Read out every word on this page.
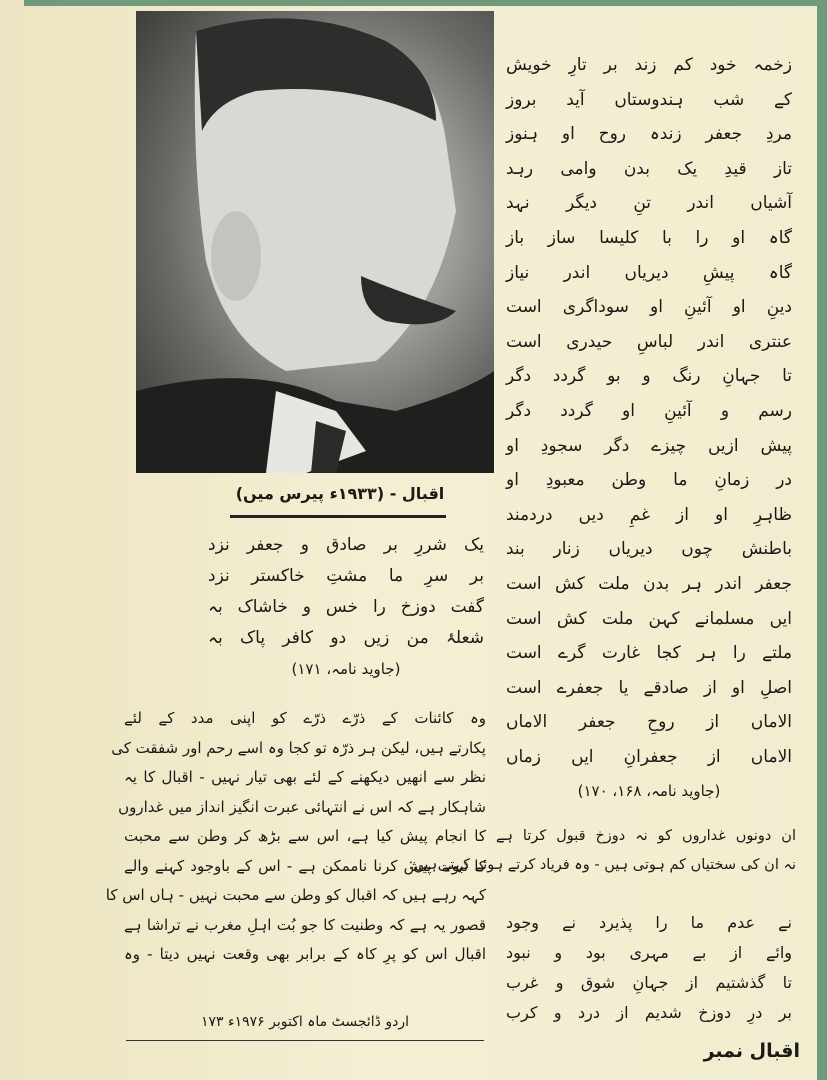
اقبال - (۱۹۳۳ء پیرس میں)
زخمہ خود کم زند بر تارِ خویش
کے شب ہندوستاں آید بروز
مردِ جعفر زندہ روح او ہنوز
تاز قیدِ یک بدن وامی رہد
آشیاں اندر تنِ دیگر نہد
گاہ او را با کلیسا ساز باز
گاہ پیشِ دیریاں اندر نیاز
دینِ او آئینِ او سوداگری است
عنتری اندر لباسِ حیدری است
تا جہانِ رنگ و بو گردد دگر
رسم و آئینِ او گردد دگر
پیش ازیں چیزے دگر سجودِ او
در زمانِ ما وطن معبودِ او
ظاہرِ او از غمِ دیں دردمند
باطنش چوں دیریاں زنار بند
جعفر اندر ہر بدن ملت کش است
ایں مسلمانے کہن ملت کش است
ملتے را ہر کجا غارت گرے است
اصلِ او از صادقے یا جعفرے است
الاماں از روحِ جعفر الاماں
الاماں از جعفرانِ ایں زماں
(جاوید نامہ، ۱۶۸، ۱۷۰)
یک شررِ بر صادق و جعفر نزد
بر سرِ ما مشتِ خاکستر نزد
گفت دوزخ را خس و خاشاک بہ
شعلۂ من زیں دو کافر پاک بہ
(جاوید نامہ، ۱۷۱)
وہ کائنات کے ذرّے ذرّے کو اپنی مدد کے لئے
پکارتے ہیں، لیکن ہر ذرّہ تو کجا وہ اسے رحم اور شفقت کی
نظر سے انھیں دیکھنے کے لئے بھی تیار نہیں - اقبال کا یہ
شاہکار ہے کہ اس نے انتہائی عبرت انگیز انداز میں غداروں
کا انجام پیش کیا ہے، اس سے بڑھ کر وطن سے محبت
کا ثبوت پیش کرنا ناممکن ہے - اس کے باوجود کہنے والے
کہہ رہے ہیں کہ اقبال کو وطن سے محبت نہیں - ہاں اس کا
قصور یہ ہے کہ وطنیت کا جو بُت اہلِ مغرب نے تراشا ہے
اقبال اس کو پرِ کاہ کے برابر بھی وقعت نہیں دیتا - وہ
اردو ڈائجسٹ ماہ اکتوبر ۱۹۷۶ء ۱۷۳
ان دونوں غداروں کو نہ دوزخ قبول کرتا ہے
نہ ان کی سختیاں کم ہوتی ہیں - وہ فریاد کرتے ہوئے کہتے ہیں:
نے عدم ما را پذیرد نے وجود
وائے از بے مہری بود و نبود
تا گذشتیم از جہانِ شوق و غرب
بر درِ دوزخ شدیم از درد و کرب
اقبال نمبر
